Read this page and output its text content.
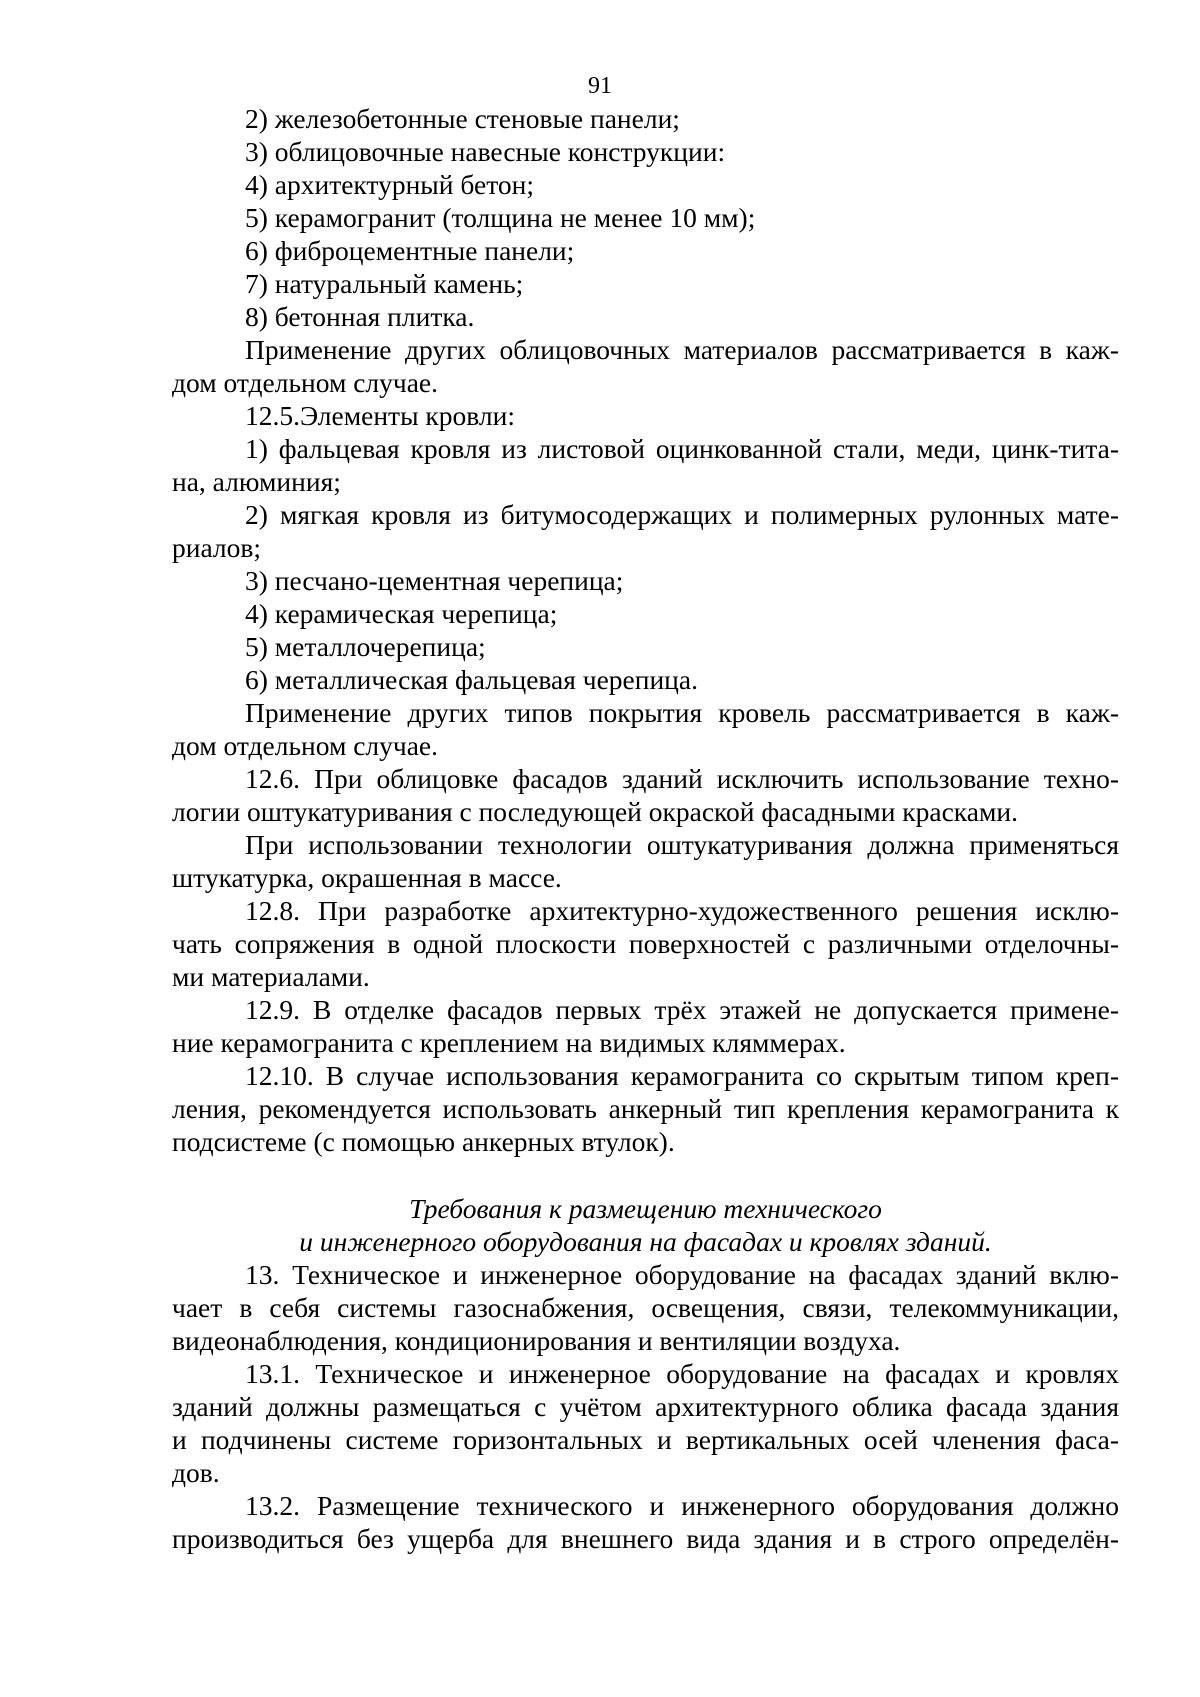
91

2) железобетонные стеновые панели;

3) облицовочные навесные конструкции:

4) архитектурный бетон;

5) керамогранит (толщина не менее 10 мм);

6) фиброцементные панели;

7) натуральный камень;

8) бетонная плитка.

Применение других облицовочных материалов рассматривается в каж-

дом отдельном случае.

12.5.Элементы кровли:

1) фальцевая кровля из листовой оцинкованной стали, меди, цинк-тита-

на, алюминия;

2) мягкая кровля из битумосодержащих и полимерных рулонных мате-

риалов;

3) песчано-цементная черепица;

4) керамическая черепица;

5) металлочерепица;

6) металлическая фальцевая черепица.

Применение других типов покрытия кровель рассматривается в каж-

дом отдельном случае.

12.6. При облицовке фасадов зданий исключить использование техно-

логии оштукатуривания с последующей окраской фасадными красками.

При использовании технологии оштукатуривания должна применяться

штукатурка, окрашенная в массе.

12.8. При разработке архитектурно-художественного решения исклю-

чать сопряжения в одной плоскости поверхностей с различными отделочны-

ми материалами.

12.9. В отделке фасадов первых трёх этажей не допускается примене-

ние керамогранита с креплением на видимых кляммерах.

12.10. В случае использования керамогранита со скрытым типом креп-

ления, рекомендуется использовать анкерный тип крепления керамогранита к

подсистеме (с помощью анкерных втулок).

Требования к размещению технического

и инженерного оборудования на фасадах и кровлях зданий.

13. Техническое и инженерное оборудование на фасадах зданий вклю-

чает в себя системы газоснабжения, освещения, связи, телекоммуникации,

видеонаблюдения, кондиционирования и вентиляции воздуха.

13.1. Техническое и инженерное оборудование на фасадах и кровлях

зданий должны размещаться с учётом архитектурного облика фасада здания

и подчинены системе горизонтальных и вертикальных осей членения фаса-

дов.

13.2. Размещение технического и инженерного оборудования должно

производиться без ущерба для внешнего вида здания и в строго определён-
